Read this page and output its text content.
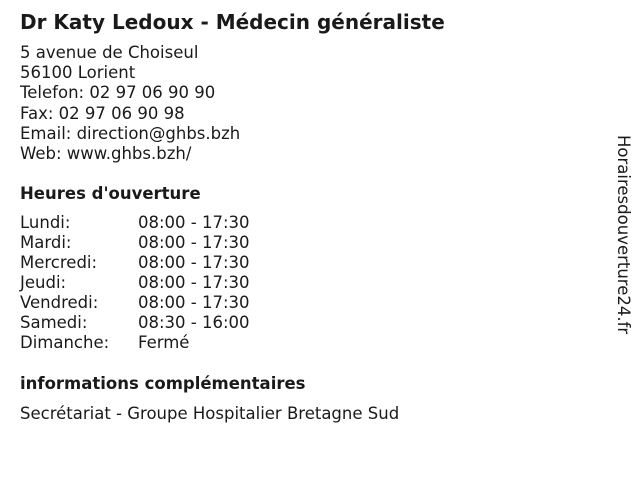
Dr Katy Ledoux - Médecin généraliste
5 avenue de Choiseul
56100 Lorient
Telefon: 02 97 06 90 90
Fax: 02 97 06 90 98
Email: direction@ghbs.bzh
Web: www.ghbs.bzh/
Heures d'ouverture
Lundi:	08:00 - 17:30
Mardi:	08:00 - 17:30
Mercredi: 08:00 - 17:30
Jeudi:	08:00 - 17:30
Vendredi: 08:00 - 17:30
Samedi:	08:30 - 16:00
Dimanche: Fermé
informations complémentaires
Secrétariat - Groupe Hospitalier Bretagne Sud
Horairesdouverture24.fr
